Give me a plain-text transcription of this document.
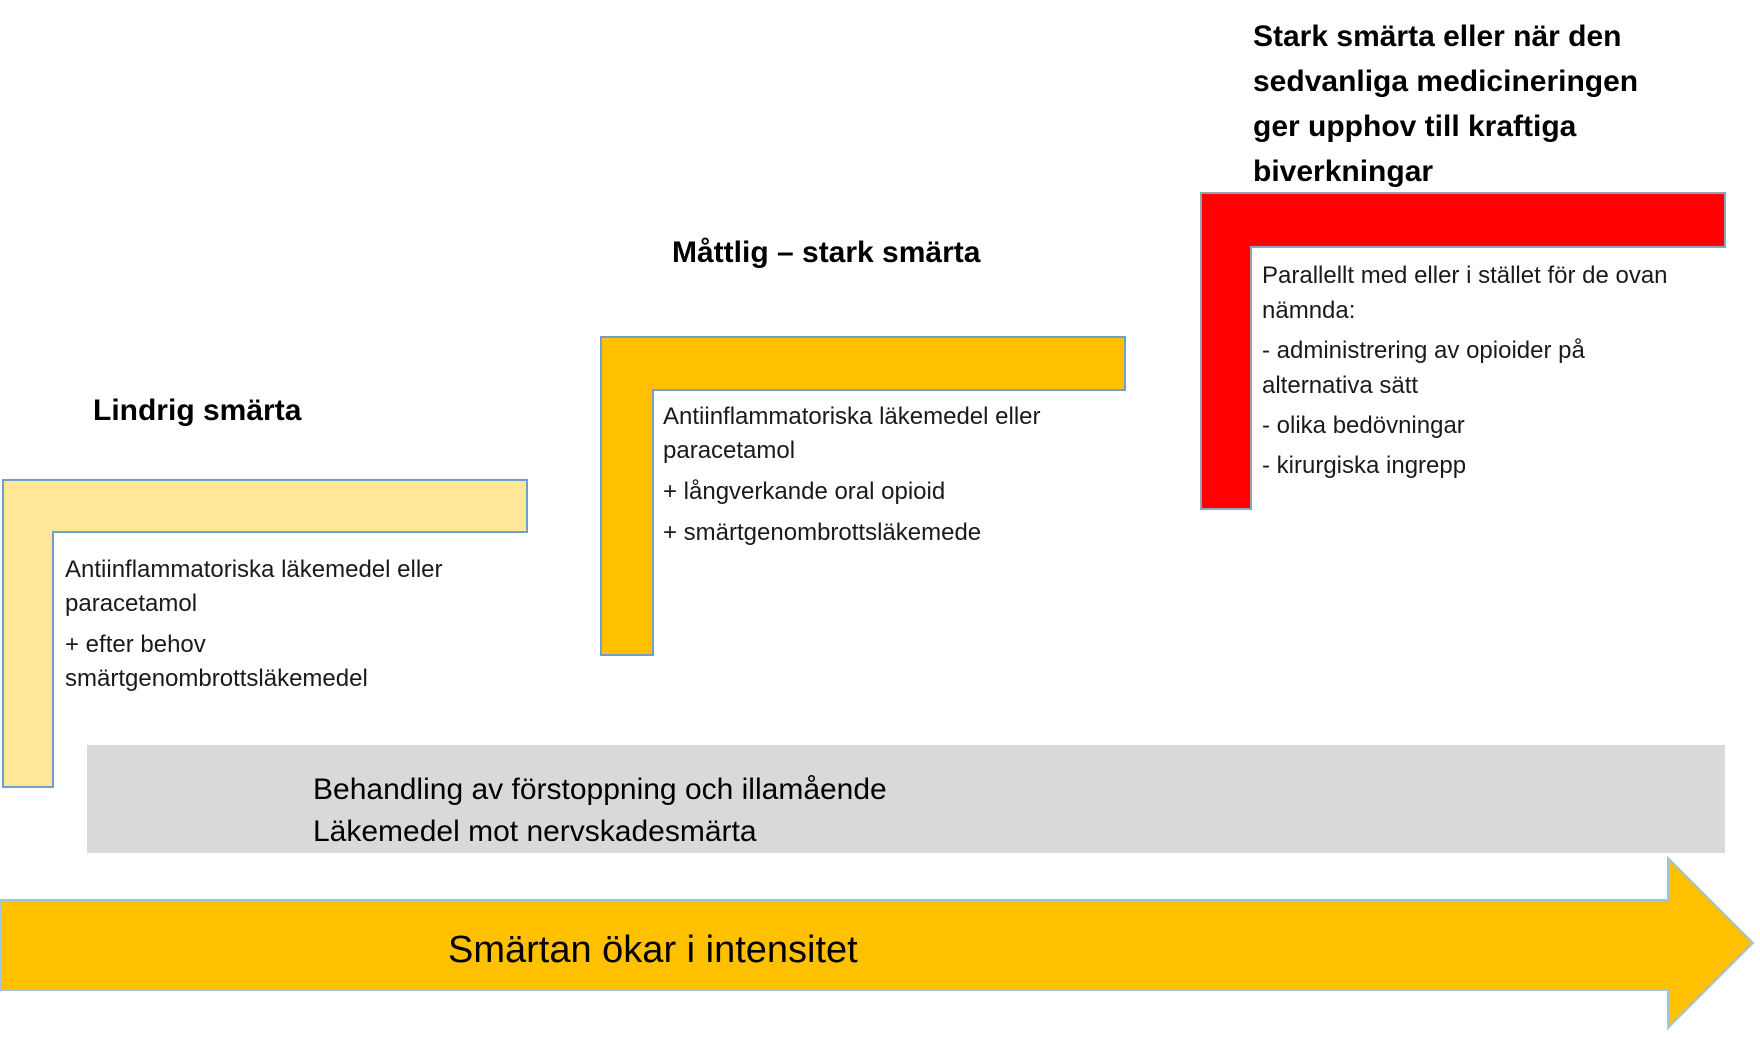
Stark smärta eller när den
sedvanliga medicineringen
ger upphov till kraftiga
biverkningar
Måttlig – stark smärta
Lindrig smärta
Parallellt med eller i stället för de ovan
nämnda:
- administrering av opioider på
alternativa sätt
- olika bedövningar
- kirurgiska ingrepp
Antiinflammatoriska läkemedel eller
paracetamol
+ långverkande oral opioid
+ smärtgenombrottsläkemede
Antiinflammatoriska läkemedel eller
paracetamol
+ efter behov
smärtgenombrottsläkemedel
Behandling av förstoppning och illamående
Läkemedel mot nervskadesmärta
Smärtan ökar i intensitet
